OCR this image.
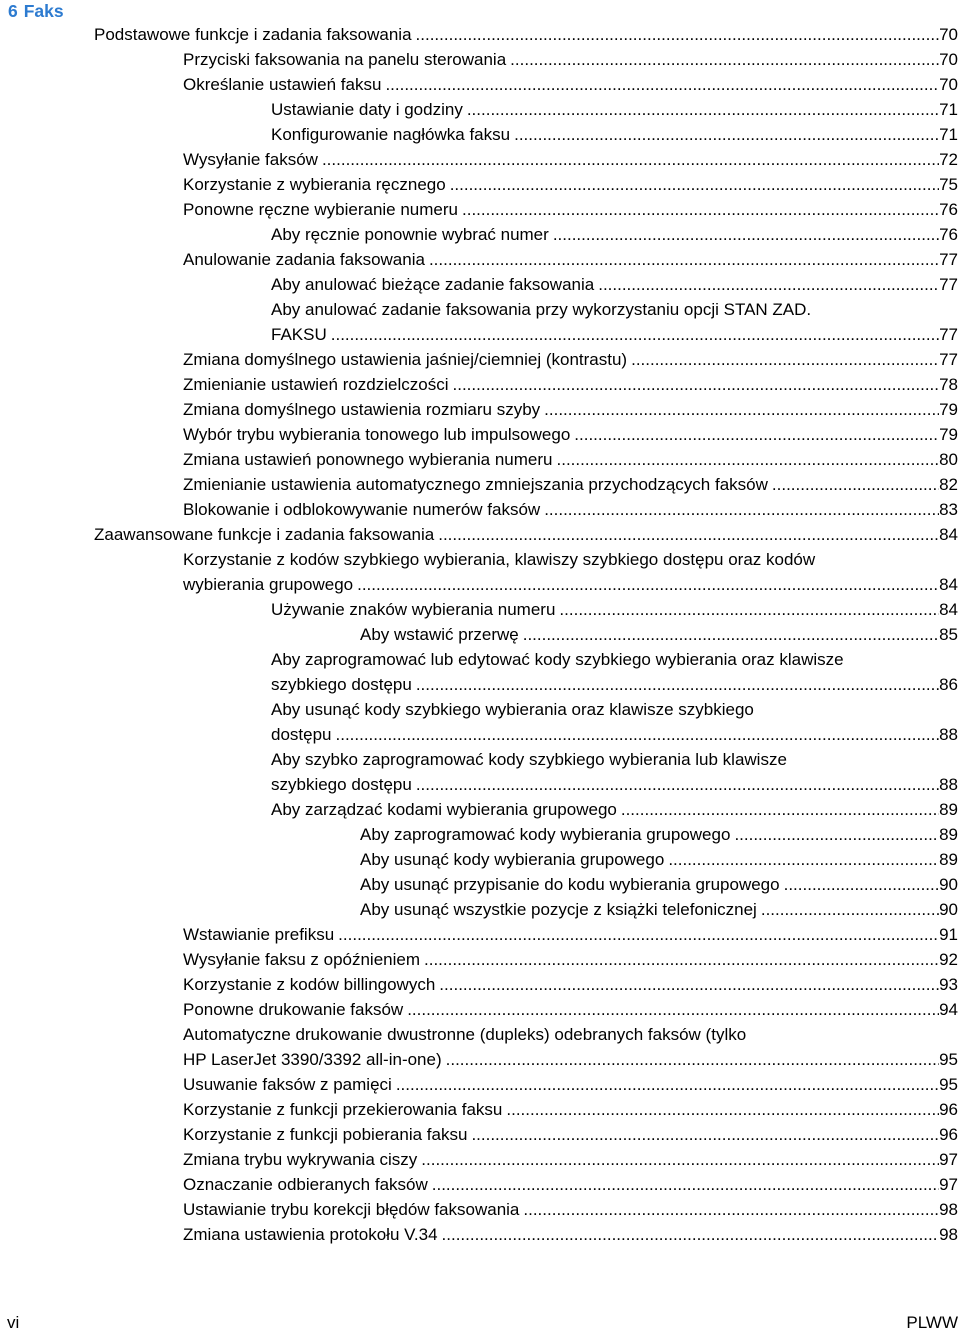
6 Faks
Podstawowe funkcje i zadania faksowania .....	70
Przyciski faksowania na panelu sterowania .....	70
Określanie ustawień faksu .....	70
Ustawianie daty i godziny .....	71
Konfigurowanie nagłówka faksu .....	71
Wysyłanie faksów .....	72
Korzystanie z wybierania ręcznego .....	75
Ponowne ręczne wybieranie numeru .....	76
Aby ręcznie ponownie wybrać numer .....	76
Anulowanie zadania faksowania .....	77
Aby anulować bieżące zadanie faksowania .....	77
Aby anulować zadanie faksowania przy wykorzystaniu opcji STAN ZAD.
FAKSU .....	77
Zmiana domyślnego ustawienia jaśniej/ciemniej (kontrastu) .....	77
Zmienianie ustawień rozdzielczości .....	78
Zmiana domyślnego ustawienia rozmiaru szyby .....	79
Wybór trybu wybierania tonowego lub impulsowego .....	79
Zmiana ustawień ponownego wybierania numeru .....	80
Zmienianie ustawienia automatycznego zmniejszania przychodzących faksów .....	82
Blokowanie i odblokowywanie numerów faksów .....	83
Zaawansowane funkcje i zadania faksowania .....	84
Korzystanie z kodów szybkiego wybierania, klawiszy szybkiego dostępu oraz kodów
wybierania grupowego .....	84
Używanie znaków wybierania numeru .....	84
Aby wstawić przerwę .....	85
Aby zaprogramować lub edytować kody szybkiego wybierania oraz klawisze
szybkiego dostępu .....	86
Aby usunąć kody szybkiego wybierania oraz klawisze szybkiego
dostępu .....	88
Aby szybko zaprogramować kody szybkiego wybierania lub klawisze
szybkiego dostępu .....	88
Aby zarządzać kodami wybierania grupowego .....	89
Aby zaprogramować kody wybierania grupowego .....	89
Aby usunąć kody wybierania grupowego .....	89
Aby usunąć przypisanie do kodu wybierania grupowego .....	90
Aby usunąć wszystkie pozycje z książki telefonicznej .....	90
Wstawianie prefiksu .....	91
Wysyłanie faksu z opóźnieniem .....	92
Korzystanie z kodów billingowych .....	93
Ponowne drukowanie faksów .....	94
Automatyczne drukowanie dwustronne (dupleks) odebranych faksów (tylko
HP LaserJet 3390/3392 all-in-one) .....	95
Usuwanie faksów z pamięci .....	95
Korzystanie z funkcji przekierowania faksu .....	96
Korzystanie z funkcji pobierania faksu .....	96
Zmiana trybu wykrywania ciszy .....	97
Oznaczanie odbieranych faksów .....	97
Ustawianie trybu korekcji błędów faksowania .....	98
Zmiana ustawienia protokołu V.34 .....	98
vi	PLWW
